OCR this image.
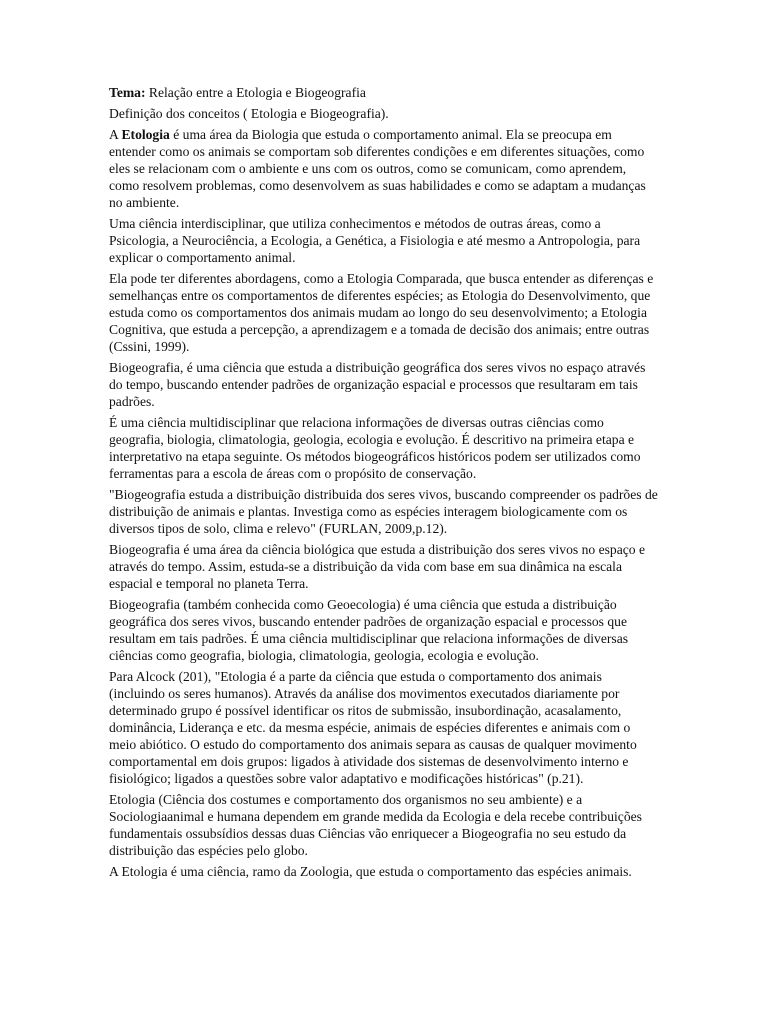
Tema: Relação entre a Etologia e Biogeografia

Definição dos conceitos ( Etologia e Biogeografia).

A Etologia é uma área da Biologia que estuda o comportamento animal. Ela se preocupa em entender como os animais se comportam sob diferentes condições e em diferentes situações, como eles se relacionam com o ambiente e uns com os outros, como se comunicam, como aprendem, como resolvem problemas, como desenvolvem as suas habilidades e como se adaptam a mudanças no ambiente.

Uma ciência interdisciplinar, que utiliza conhecimentos e métodos de outras áreas, como a Psicologia, a Neurociência, a Ecologia, a Genética, a Fisiologia e até mesmo a Antropologia, para explicar o comportamento animal.

Ela pode ter diferentes abordagens, como a Etologia Comparada, que busca entender as diferenças e semelhanças entre os comportamentos de diferentes espécies; as Etologia do Desenvolvimento, que estuda como os comportamentos dos animais mudam ao longo do seu desenvolvimento; a Etologia Cognitiva, que estuda a percepção, a aprendizagem e a tomada de decisão dos animais; entre outras (Cssini, 1999).

Biogeografia, é uma ciência que estuda a distribuição geográfica dos seres vivos no espaço através do tempo, buscando entender padrões de organização espacial e processos que resultaram em tais padrões.

É uma ciência multidisciplinar que relaciona informações de diversas outras ciências como geografia, biologia, climatologia, geologia, ecologia e evolução. É descritivo na primeira etapa e interpretativo na etapa seguinte. Os métodos biogeográficos históricos podem ser utilizados como ferramentas para a escola de áreas com o propósito de conservação.

"Biogeografia estuda a distribuição distribuida dos seres vivos, buscando compreender os padrões de distribuição de animais e plantas. Investiga como as espécies interagem biologicamente com os diversos tipos de solo, clima e relevo" (FURLAN, 2009,p.12).

Biogeografia é uma área da ciência biológica que estuda a distribuição dos seres vivos no espaço e através do tempo. Assim, estuda-se a distribuição da vida com base em sua dinâmica na escala espacial e temporal no planeta Terra.

Biogeografia (também conhecida como Geoecologia) é uma ciência que estuda a distribuição geográfica dos seres vivos, buscando entender padrões de organização espacial e processos que resultam em tais padrões. É uma ciência multidisciplinar que relaciona informações de diversas ciências como geografia, biologia, climatologia, geologia, ecologia e evolução.

Para Alcock (201), "Etologia é a parte da ciência que estuda o comportamento dos animais (incluindo os seres humanos). Através da análise dos movimentos executados diariamente por determinado grupo é possível identificar os ritos de submissão, insubordinação, acasalamento, dominância, Liderança e etc. da mesma espécie, animais de espécies diferentes e animais com o meio abiótico. O estudo do comportamento dos animais separa as causas de qualquer movimento comportamental em dois grupos: ligados à atividade dos sistemas de desenvolvimento interno e fisiológico; ligados a questões sobre valor adaptativo e modificações históricas" (p.21).

Etologia (Ciência dos costumes e comportamento dos organismos no seu ambiente) e a Sociologiaanimal e humana dependem em grande medida da Ecologia e dela recebe contribuições fundamentais ossubsídios dessas duas Ciências vão enriquecer a Biogeografia no seu estudo da distribuição das espécies pelo globo.

A Etologia é uma ciência, ramo da Zoologia, que estuda o comportamento das espécies animais.
